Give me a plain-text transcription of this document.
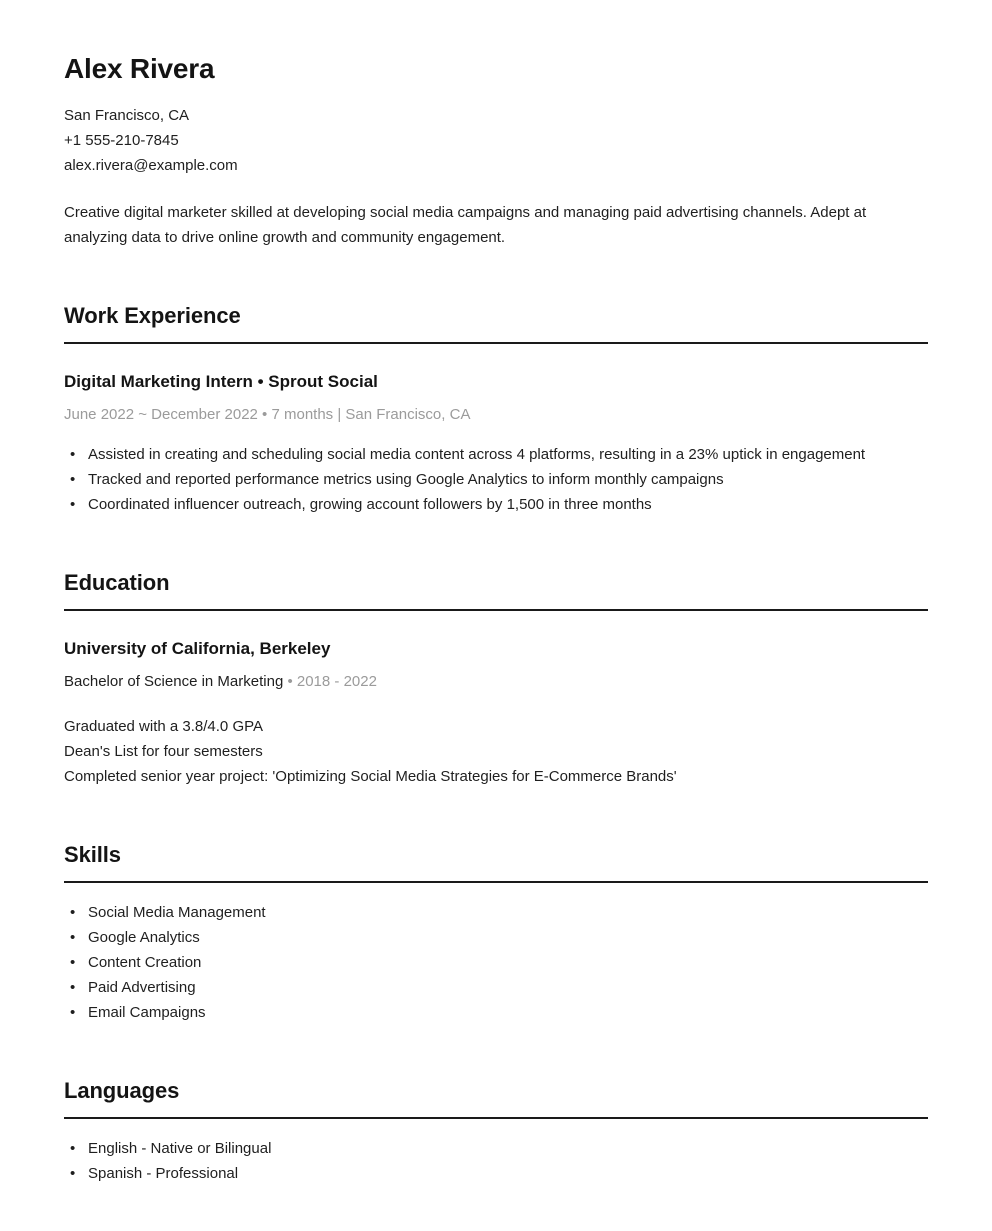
Alex Rivera
San Francisco, CA
+1 555-210-7845
alex.rivera@example.com

Creative digital marketer skilled at developing social media campaigns and managing paid advertising channels. Adept at analyzing data to drive online growth and community engagement.

Work Experience
Digital Marketing Intern • Sprout Social
June 2022 ~ December 2022 • 7 months | San Francisco, CA
• Assisted in creating and scheduling social media content across 4 platforms, resulting in a 23% uptick in engagement
• Tracked and reported performance metrics using Google Analytics to inform monthly campaigns
• Coordinated influencer outreach, growing account followers by 1,500 in three months
Education
University of California, Berkeley
Bachelor of Science in Marketing • 2018 - 2022
Graduated with a 3.8/4.0 GPA
Dean's List for four semesters
Completed senior year project: 'Optimizing Social Media Strategies for E-Commerce Brands'
Skills
• Social Media Management
• Google Analytics
• Content Creation
• Paid Advertising
• Email Campaigns
Languages
• English - Native or Bilingual
• Spanish - Professional
